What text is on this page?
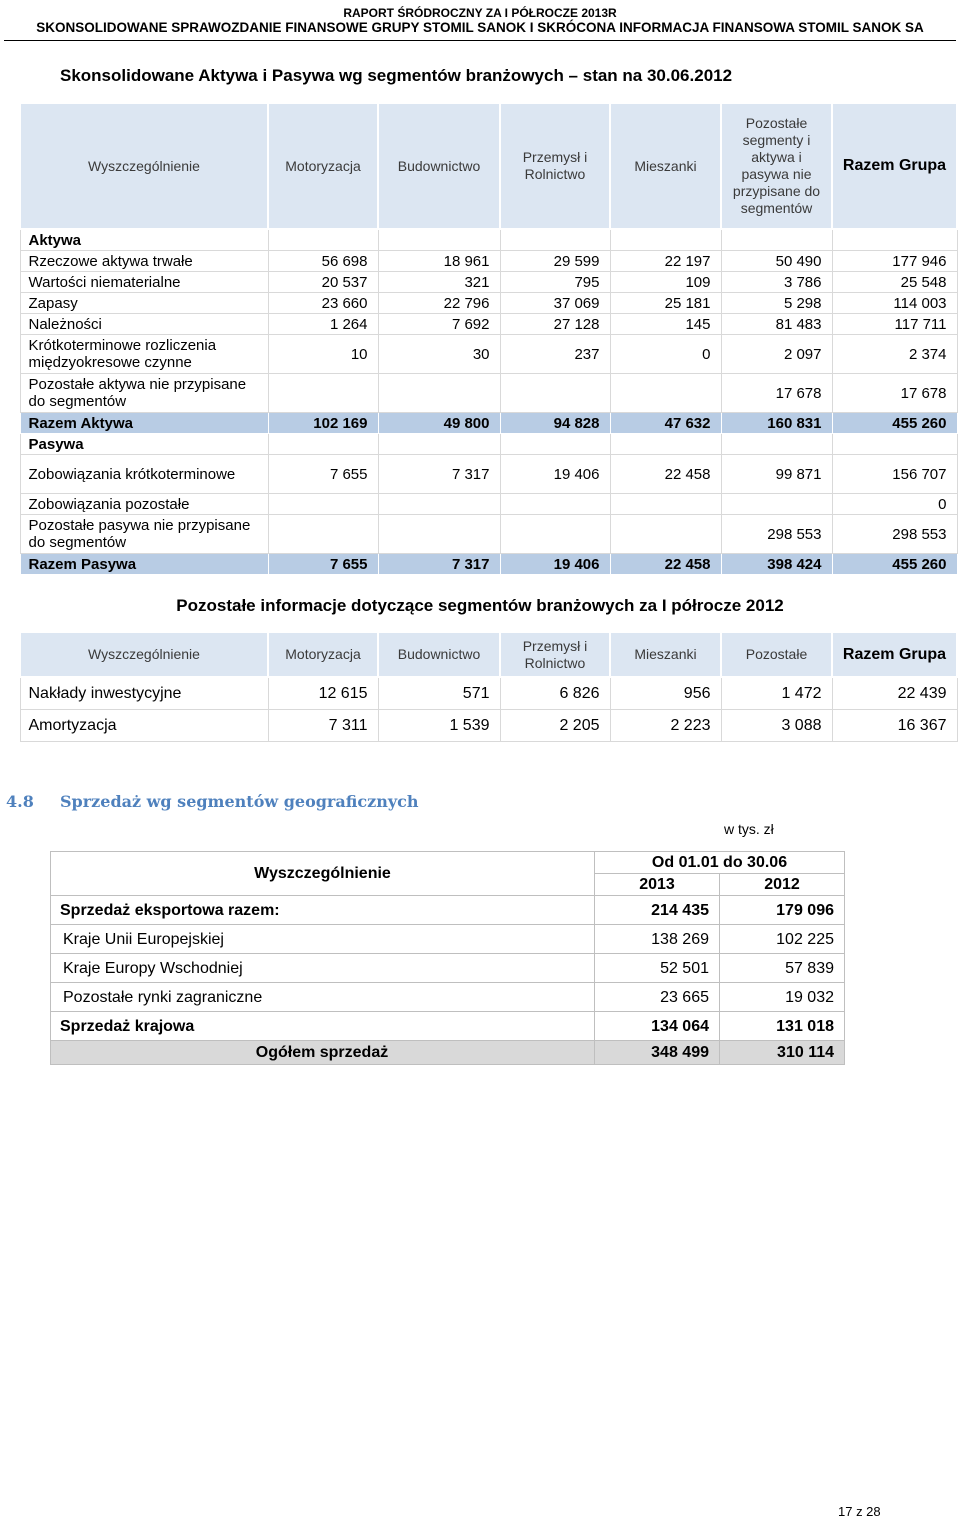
RAPORT ŚRÓDROCZNY ZA I PÓŁROCZE 2013R
SKONSOLIDOWANE SPRAWOZDANIE FINANSOWE GRUPY STOMIL SANOK I SKRÓCONA INFORMACJA FINANSOWA STOMIL SANOK SA
Skonsolidowane Aktywa i Pasywa wg segmentów branżowych – stan na 30.06.2012
Wyszczególnienie	Motoryzacja	Budownictwo	Przemysł i Rolnictwo	Mieszanki	Pozostałe segmenty i aktywa i pasywa nie przypisane do segmentów	Razem Grupa
Aktywa						
Rzeczowe aktywa trwałe	56 698	18 961	29 599	22 197	50 490	177 946
Wartości niematerialne	20 537	321	795	109	3 786	25 548
Zapasy	23 660	22 796	37 069	25 181	5 298	114 003
Należności	1 264	7 692	27 128	145	81 483	117 711
Krótkoterminowe rozliczenia międzyokresowe czynne	10	30	237	0	2 097	2 374
Pozostałe aktywa nie przypisane do segmentów					17 678	17 678
Razem Aktywa	102 169	49 800	94 828	47 632	160 831	455 260
Pasywa						
Zobowiązania krótkoterminowe	7 655	7 317	19 406	22 458	99 871	156 707
Zobowiązania pozostałe						0
Pozostałe pasywa nie przypisane do segmentów					298 553	298 553
Razem Pasywa	7 655	7 317	19 406	22 458	398 424	455 260
Pozostałe informacje dotyczące segmentów branżowych za I półrocze 2012
Wyszczególnienie	Motoryzacja	Budownictwo	Przemysł i Rolnictwo	Mieszanki	Pozostałe	Razem Grupa
Nakłady inwestycyjne	12 615	571	6 826	956	1 472	22 439
Amortyzacja	7 311	1 539	2 205	2 223	3 088	16 367
4.8 Sprzedaż wg segmentów geograficznych
w tys. zł
Wyszczególnienie	Od 01.01 do 30.06	
	2013	2012
Sprzedaż eksportowa razem:	214 435	179 096
Kraje Unii Europejskiej	138 269	102 225
Kraje Europy Wschodniej	52 501	57 839
Pozostałe rynki zagraniczne	23 665	19 032
Sprzedaż krajowa	134 064	131 018
Ogółem sprzedaż	348 499	310 114
17 z 28
